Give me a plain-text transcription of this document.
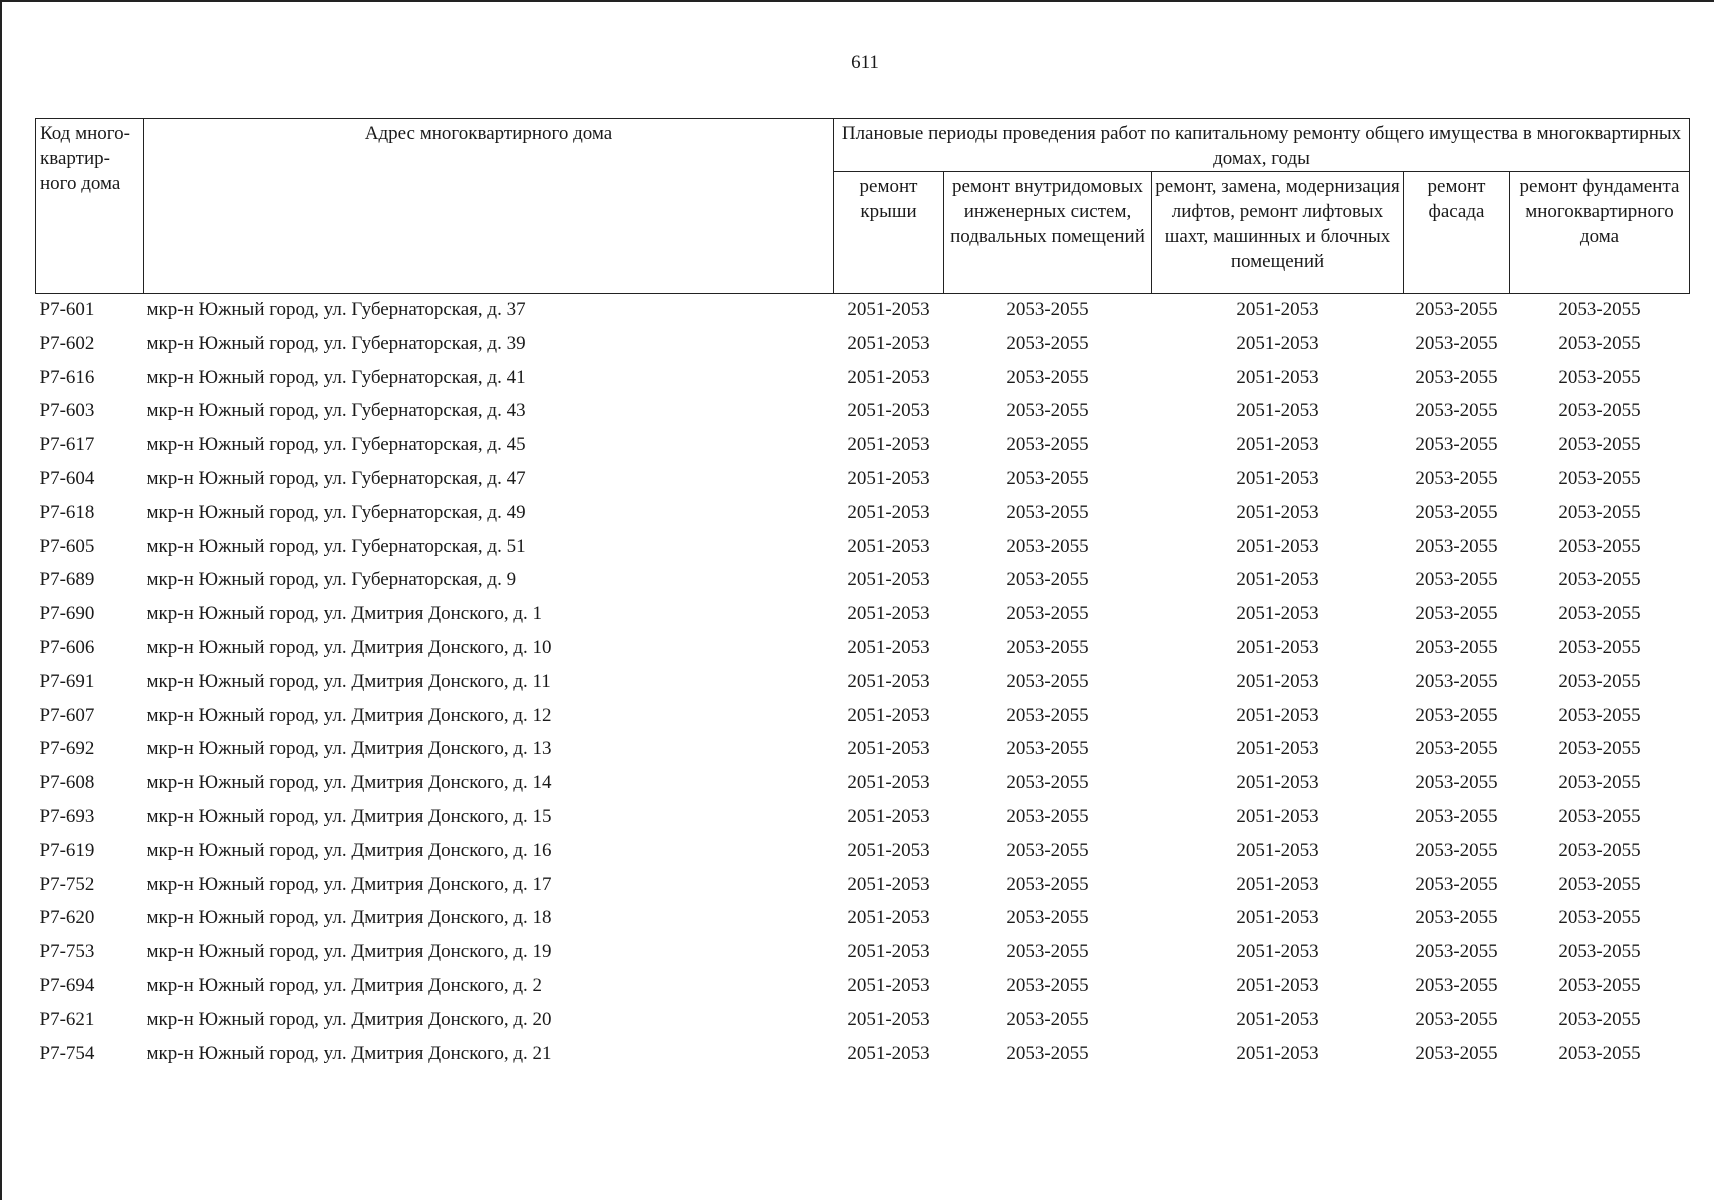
611
Код много-квартир-ного дома	Адрес многоквартирного дома	Плановые периоды проведения работ по капитальному ремонту общего имущества в многоквартирных домах, годы				
		ремонт крыши	ремонт внутридомовых инженерных систем, подвальных помещений	ремонт, замена, модернизация лифтов, ремонт лифтовых шахт, машинных и блочных помещений	ремонт фасада	ремонт фундамента многоквартирного дома
P7-601	мкр-н Южный город, ул. Губернаторская, д. 37	2051-2053	2053-2055	2051-2053	2053-2055	2053-2055
P7-602	мкр-н Южный город, ул. Губернаторская, д. 39	2051-2053	2053-2055	2051-2053	2053-2055	2053-2055
P7-616	мкр-н Южный город, ул. Губернаторская, д. 41	2051-2053	2053-2055	2051-2053	2053-2055	2053-2055
P7-603	мкр-н Южный город, ул. Губернаторская, д. 43	2051-2053	2053-2055	2051-2053	2053-2055	2053-2055
P7-617	мкр-н Южный город, ул. Губернаторская, д. 45	2051-2053	2053-2055	2051-2053	2053-2055	2053-2055
P7-604	мкр-н Южный город, ул. Губернаторская, д. 47	2051-2053	2053-2055	2051-2053	2053-2055	2053-2055
P7-618	мкр-н Южный город, ул. Губернаторская, д. 49	2051-2053	2053-2055	2051-2053	2053-2055	2053-2055
P7-605	мкр-н Южный город, ул. Губернаторская, д. 51	2051-2053	2053-2055	2051-2053	2053-2055	2053-2055
P7-689	мкр-н Южный город, ул. Губернаторская, д. 9	2051-2053	2053-2055	2051-2053	2053-2055	2053-2055
P7-690	мкр-н Южный город, ул. Дмитрия Донского, д. 1	2051-2053	2053-2055	2051-2053	2053-2055	2053-2055
P7-606	мкр-н Южный город, ул. Дмитрия Донского, д. 10	2051-2053	2053-2055	2051-2053	2053-2055	2053-2055
P7-691	мкр-н Южный город, ул. Дмитрия Донского, д. 11	2051-2053	2053-2055	2051-2053	2053-2055	2053-2055
P7-607	мкр-н Южный город, ул. Дмитрия Донского, д. 12	2051-2053	2053-2055	2051-2053	2053-2055	2053-2055
P7-692	мкр-н Южный город, ул. Дмитрия Донского, д. 13	2051-2053	2053-2055	2051-2053	2053-2055	2053-2055
P7-608	мкр-н Южный город, ул. Дмитрия Донского, д. 14	2051-2053	2053-2055	2051-2053	2053-2055	2053-2055
P7-693	мкр-н Южный город, ул. Дмитрия Донского, д. 15	2051-2053	2053-2055	2051-2053	2053-2055	2053-2055
P7-619	мкр-н Южный город, ул. Дмитрия Донского, д. 16	2051-2053	2053-2055	2051-2053	2053-2055	2053-2055
P7-752	мкр-н Южный город, ул. Дмитрия Донского, д. 17	2051-2053	2053-2055	2051-2053	2053-2055	2053-2055
P7-620	мкр-н Южный город, ул. Дмитрия Донского, д. 18	2051-2053	2053-2055	2051-2053	2053-2055	2053-2055
P7-753	мкр-н Южный город, ул. Дмитрия Донского, д. 19	2051-2053	2053-2055	2051-2053	2053-2055	2053-2055
P7-694	мкр-н Южный город, ул. Дмитрия Донского, д. 2	2051-2053	2053-2055	2051-2053	2053-2055	2053-2055
P7-621	мкр-н Южный город, ул. Дмитрия Донского, д. 20	2051-2053	2053-2055	2051-2053	2053-2055	2053-2055
P7-754	мкр-н Южный город, ул. Дмитрия Донского, д. 21	2051-2053	2053-2055	2051-2053	2053-2055	2053-2055
